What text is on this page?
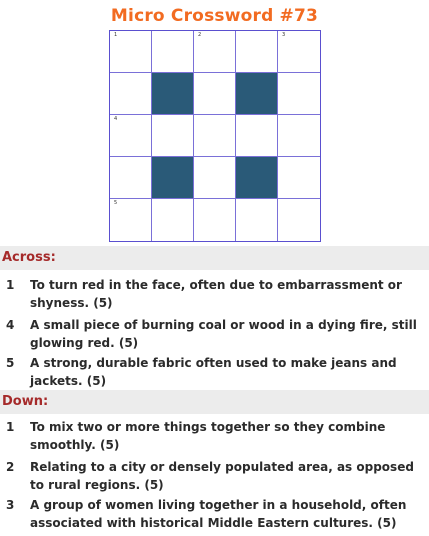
Micro Crossword #73
1	2	3
4
5
Across:
1	To turn red in the face, often due to embarrassment or shyness. (5)
4	A small piece of burning coal or wood in a dying fire, still glowing red. (5)
5	A strong, durable fabric often used to make jeans and jackets. (5)
Down:
1	To mix two or more things together so they combine smoothly. (5)
2	Relating to a city or densely populated area, as opposed to rural regions. (5)
3	A group of women living together in a household, often associated with historical Middle Eastern cultures. (5)
